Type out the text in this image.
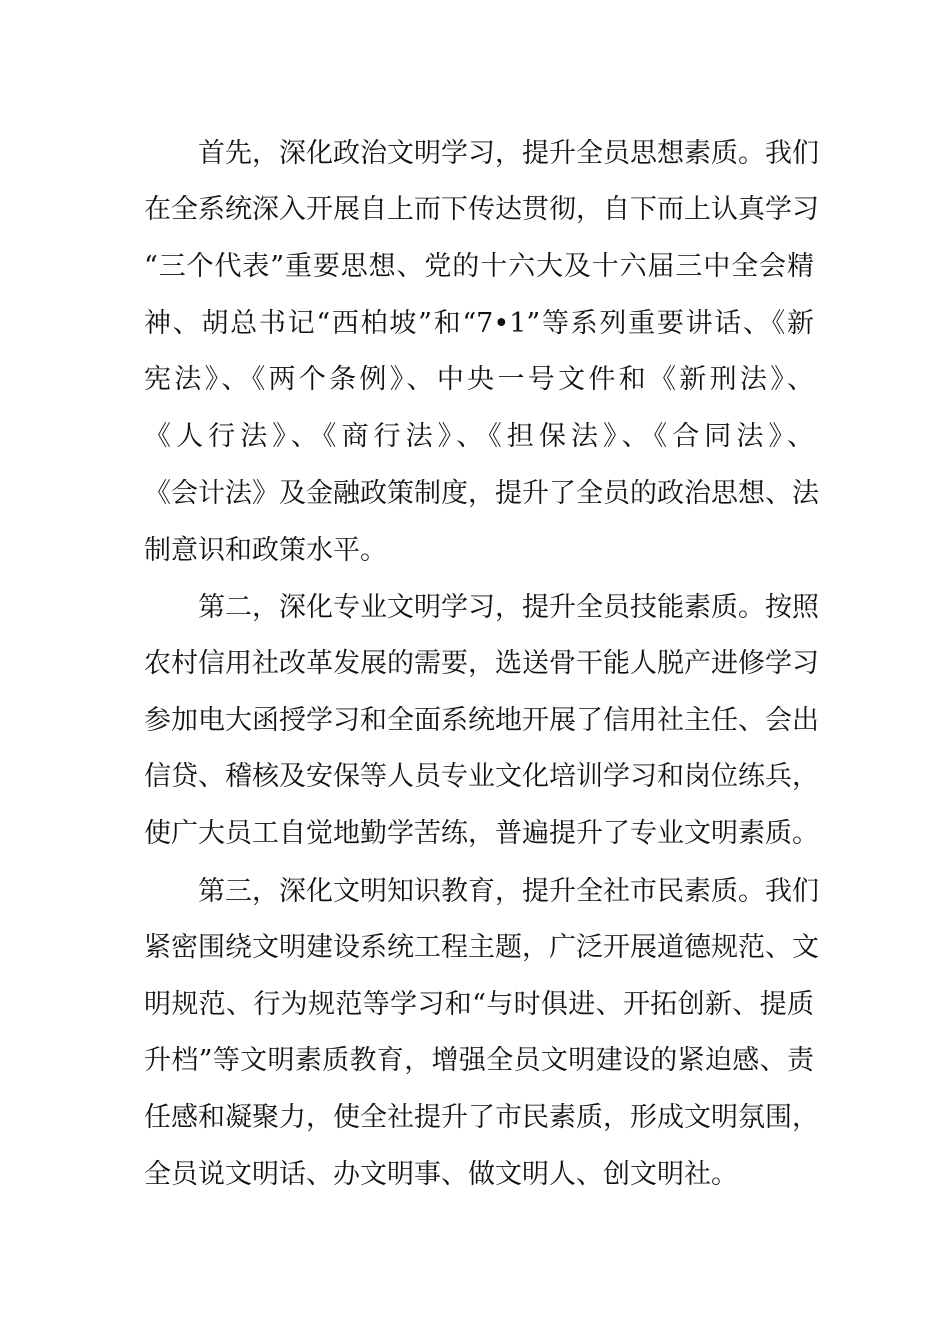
首先，深化政治文明学习，提升全员思想素质。我们
在全系统深入开展自上而下传达贯彻，自下而上认真学习
“三个代表”重要思想、党的十六大及十六届三中全会精
神、胡总书记“西柏坡”和“7•1”等系列重要讲话、《新
宪法》、《两个条例》、中央一号文件和《新刑法》、
《人行法》、《商行法》、《担保法》、《合同法》、
《会计法》及金融政策制度，提升了全员的政治思想、法
制意识和政策水平。
第二，深化专业文明学习，提升全员技能素质。按照
农村信用社改革发展的需要，选送骨干能人脱产进修学习
参加电大函授学习和全面系统地开展了信用社主任、会出
信贷、稽核及安保等人员专业文化培训学习和岗位练兵，
使广大员工自觉地勤学苦练，普遍提升了专业文明素质。
第三，深化文明知识教育，提升全社市民素质。我们
紧密围绕文明建设系统工程主题，广泛开展道德规范、文
明规范、行为规范等学习和“与时俱进、开拓创新、提质
升档”等文明素质教育，增强全员文明建设的紧迫感、责
任感和凝聚力，使全社提升了市民素质，形成文明氛围，
全员说文明话、办文明事、做文明人、创文明社。
